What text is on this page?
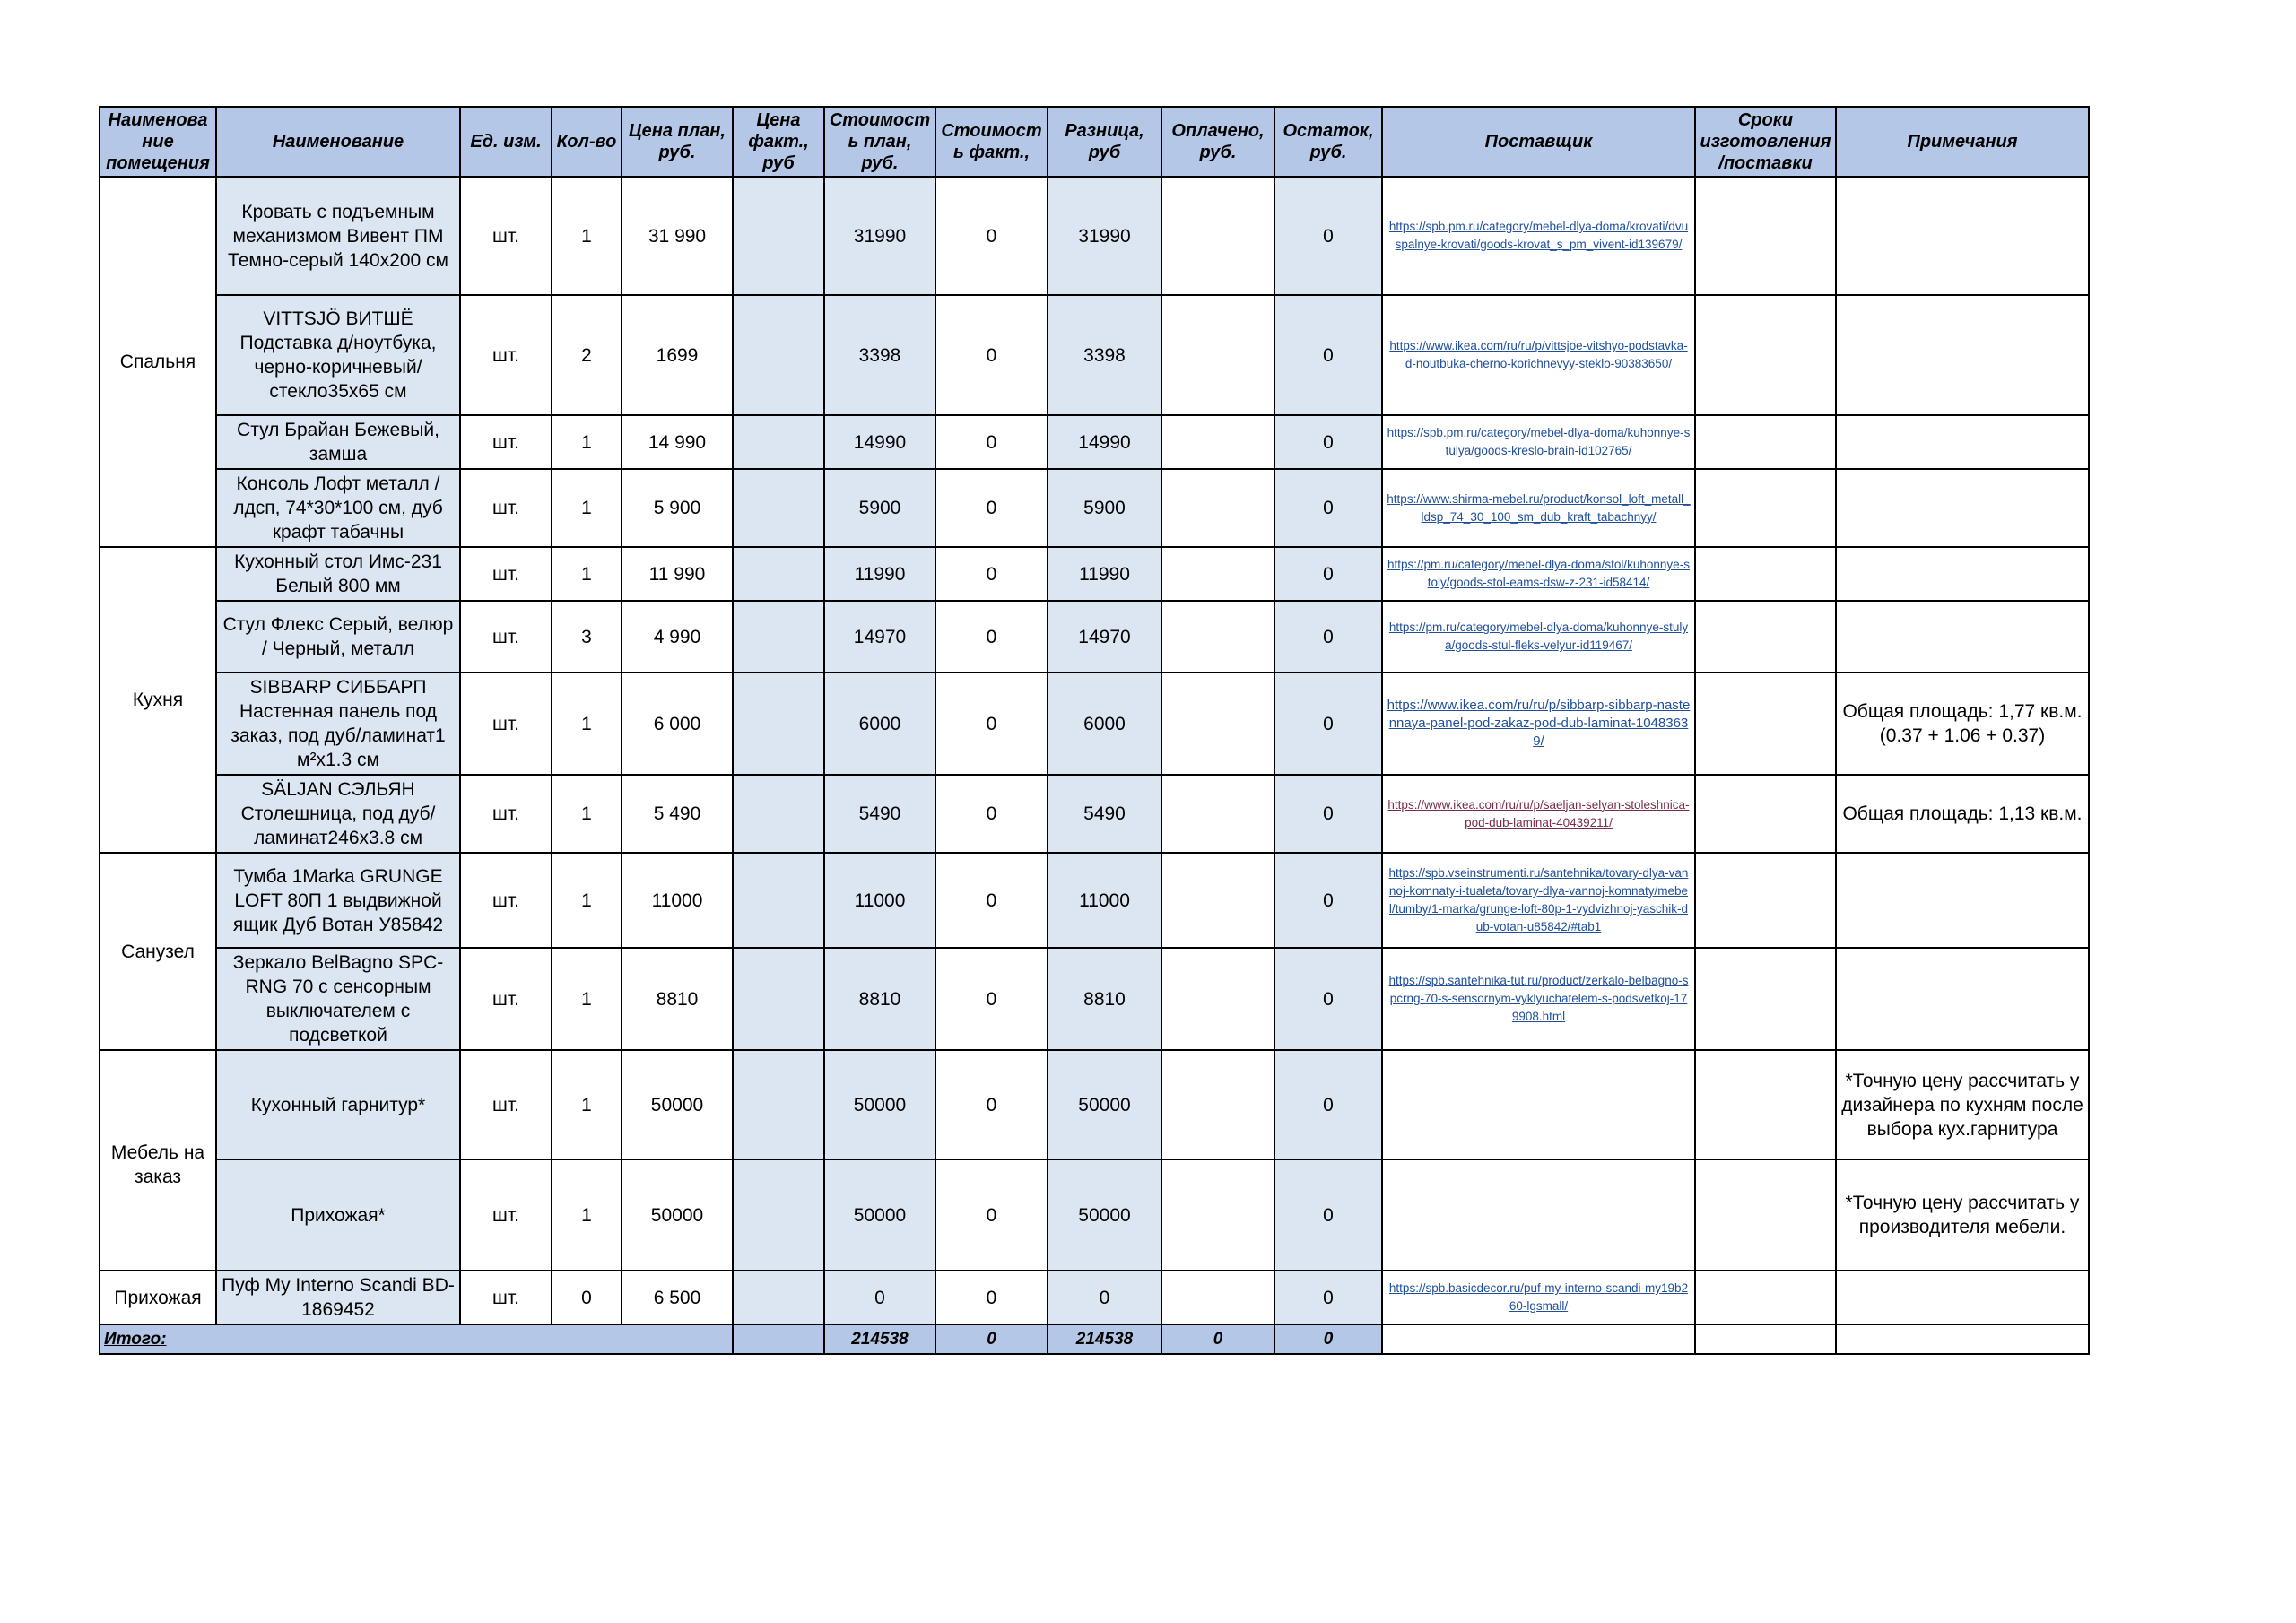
Наименова ние помещения	Наименование	Ед. изм.	Кол-во	Цена план, руб.	Цена факт., руб	Стоимост ь план, руб.	Стоимост ь факт.,	Разница, руб	Оплачено, руб.	Остаток, руб.	Поставщик	Сроки изготовления /поставки	Примечания
Спальня	Кровать с подъемным механизмом Вивент ПМ Темно-серый 140х200 см	шт.	1	31 990		31990	0	31990		0	https://spb.pm.ru/category/mebel-dlya-doma/krovati/dvuspalnye-krovati/goods-krovat_s_pm_vivent-id139679/		

	VITTSJÖ ВИТШЁ Подставка д/ноутбука, черно-коричневый/стекло35x65 см	шт.	2	1699		3398	0	3398		0	https://www.ikea.com/ru/ru/p/vittsjoe-vitshyo-podstavka-d-noutbuka-cherno-korichnevyy-steklo-90383650/		

	Стул Брайан Бежевый, замша	шт.	1	14 990		14990	0	14990		0	https://spb.pm.ru/category/mebel-dlya-doma/kuhonnye-stulya/goods-kreslo-brain-id102765/		

	Консоль Лофт металл / лдсп, 74*30*100 см, дуб крафт табачны	шт.	1	5 900		5900	0	5900		0	https://www.shirma-mebel.ru/product/konsol_loft_metall_ldsp_74_30_100_sm_dub_kraft_tabachnyy/		

Кухня	Кухонный стол Имс-231 Белый 800 мм	шт.	1	11 990		11990	0	11990		0	https://pm.ru/category/mebel-dlya-doma/stol/kuhonnye-stoly/goods-stol-eams-dsw-z-231-id58414/		

	Стул Флекс Серый, велюр / Черный, металл	шт.	3	4 990		14970	0	14970		0	https://pm.ru/category/mebel-dlya-doma/kuhonnye-stulya/goods-stul-fleks-velyur-id119467/		

	SIBBARP СИББАРП Настенная панель под заказ, под дуб/ламинат1 м²x1.3 см	шт.	1	6 000		6000	0	6000		0	https://www.ikea.com/ru/ru/p/sibbarp-sibbarp-nastennaya-panel-pod-zakaz-pod-dub-laminat-10483639/		Общая площадь: 1,77 кв.м. (0.37 + 1.06 + 0.37)
	SÄLJAN СЭЛЬЯН Столешница, под дуб/ламинат246x3.8 см	шт.	1	5 490		5490	0	5490		0	https://www.ikea.com/ru/ru/p/saeljan-selyan-stoleshnica-pod-dub-laminat-40439211/		Общая площадь: 1,13 кв.м.
Санузел	Тумба 1Marka GRUNGE LOFT 80П 1 выдвижной ящик Дуб Вотан У85842	шт.	1	11000		11000	0	11000		0	https://spb.vseinstrumenti.ru/santehnika/tovary-dlya-vannoj-komnaty-i-tualeta/tovary-dlya-vannoj-komnaty/mebel/tumby/1-marka/grunge-loft-80p-1-vydvizhnoj-yaschik-dub-votan-u85842/#tab1		

	Зеркало BelBagno SPC-RNG 70 с сенсорным выключателем с подсветкой	шт.	1	8810		8810	0	8810		0	https://spb.santehnika-tut.ru/product/zerkalo-belbagno-spcrng-70-s-sensornym-vyklyuchatelem-s-podsvetkoj-179908.html		

Мебель на заказ	Кухонный гарнитур*	шт.	1	50000		50000	0	50000		0			*Точную цену рассчитать у дизайнера по кухням после выбора кух.гарнитура
	Прихожая*	шт.	1	50000		50000	0	50000		0			*Точную цену рассчитать у производителя мебели.
Прихожая	Пуф My Interno Scandi BD-1869452	шт.	0	6 500		0	0	0		0	https://spb.basicdecor.ru/puf-my-interno-scandi-my19b260-lgsmall/		

Итого:						214538	0	214538	0	0			
